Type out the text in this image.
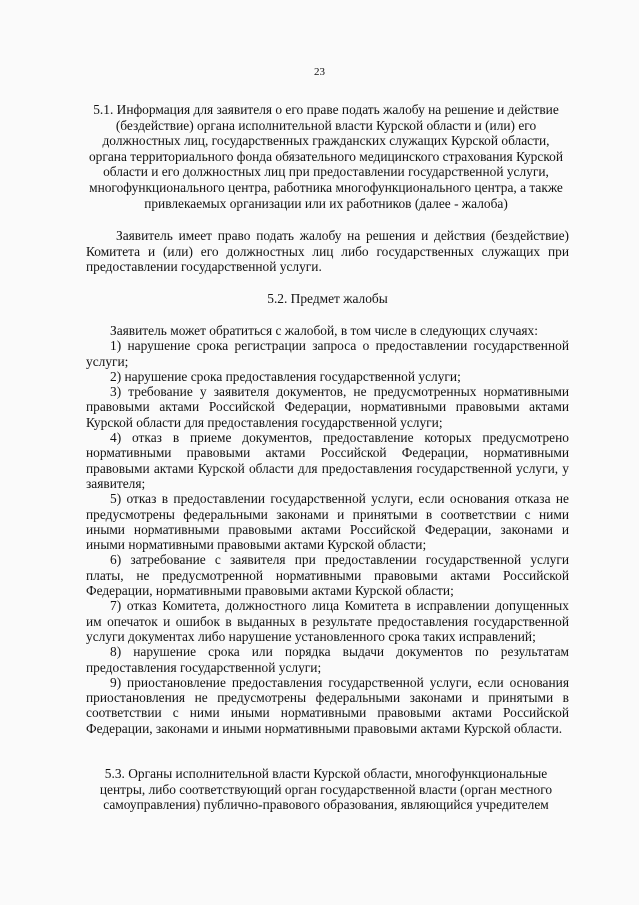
23
5.1. Информация для заявителя о его праве подать жалобу на решение и действие (бездействие) органа исполнительной власти Курской области и (или) его должностных лиц, государственных гражданских служащих Курской области, органа территориального фонда обязательного медицинского страхования Курской области и его должностных лиц при предоставлении государственной услуги, многофункционального центра, работника многофункционального центра, а также привлекаемых организации или их работников (далее - жалоба)
Заявитель имеет право подать жалобу на решения и действия (бездействие) Комитета и (или) его должностных лиц либо государственных служащих при предоставлении государственной услуги.
5.2. Предмет жалобы

Заявитель может обратиться с жалобой, в том числе в следующих случаях:

1) нарушение срока регистрации запроса о предоставлении государственной услуги;

2) нарушение срока предоставления государственной услуги;

3) требование у заявителя документов, не предусмотренных нормативными правовыми актами Российской Федерации, нормативными правовыми актами Курской области для предоставления государственной услуги;

4) отказ в приеме документов, предоставление которых предусмотрено нормативными правовыми актами Российской Федерации, нормативными правовыми актами Курской области для предоставления государственной услуги, у заявителя;

5) отказ в предоставлении государственной услуги, если основания отказа не предусмотрены федеральными законами и принятыми в соответствии с ними иными нормативными правовыми актами Российской Федерации, законами и иными нормативными правовыми актами Курской области;

6) затребование с заявителя при предоставлении государственной услуги платы, не предусмотренной нормативными правовыми актами Российской Федерации, нормативными правовыми актами Курской области;

7) отказ Комитета, должностного лица Комитета в исправлении допущенных им опечаток и ошибок в выданных в результате предоставления государственной услуги документах либо нарушение установленного срока таких исправлений;

8) нарушение срока или порядка выдачи документов по результатам предоставления государственной услуги;

9) приостановление предоставления государственной услуги, если основания приостановления не предусмотрены федеральными законами и принятыми в соответствии с ними иными нормативными правовыми актами Российской Федерации, законами и иными нормативными правовыми актами Курской области.

5.3. Органы исполнительной власти Курской области, многофункциональные центры, либо соответствующий орган государственной власти (орган местного самоуправления) публично-правового образования, являющийся учредителем
